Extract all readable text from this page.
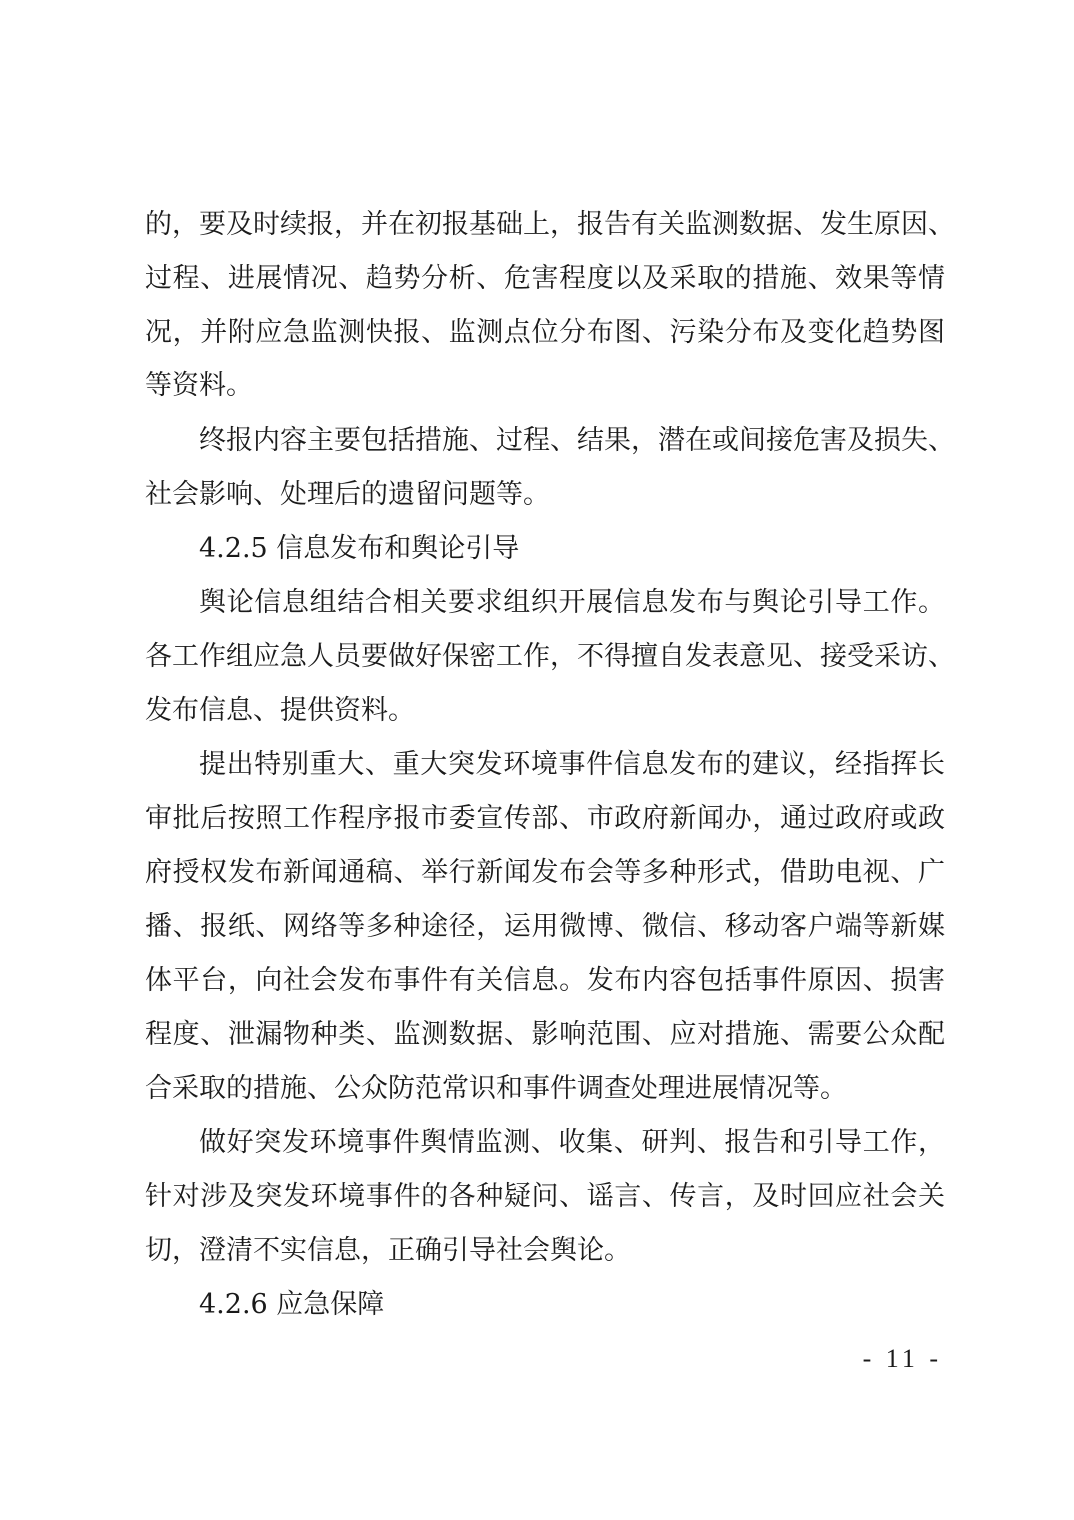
的，要及时续报，并在初报基础上，报告有关监测数据、发生原因、
过程、进展情况、趋势分析、危害程度以及采取的措施、效果等情
况，并附应急监测快报、监测点位分布图、污染分布及变化趋势图
等资料。
终报内容主要包括措施、过程、结果，潜在或间接危害及损失、
社会影响、处理后的遗留问题等。
4.2.5 信息发布和舆论引导
舆论信息组结合相关要求组织开展信息发布与舆论引导工作。
各工作组应急人员要做好保密工作，不得擅自发表意见、接受采访、
发布信息、提供资料。
提出特别重大、重大突发环境事件信息发布的建议，经指挥长
审批后按照工作程序报市委宣传部、市政府新闻办，通过政府或政
府授权发布新闻通稿、举行新闻发布会等多种形式，借助电视、广
播、报纸、网络等多种途径，运用微博、微信、移动客户端等新媒
体平台，向社会发布事件有关信息。发布内容包括事件原因、损害
程度、泄漏物种类、监测数据、影响范围、应对措施、需要公众配
合采取的措施、公众防范常识和事件调查处理进展情况等。
做好突发环境事件舆情监测、收集、研判、报告和引导工作，
针对涉及突发环境事件的各种疑问、谣言、传言，及时回应社会关
切，澄清不实信息，正确引导社会舆论。
4.2.6 应急保障
- 11 -
